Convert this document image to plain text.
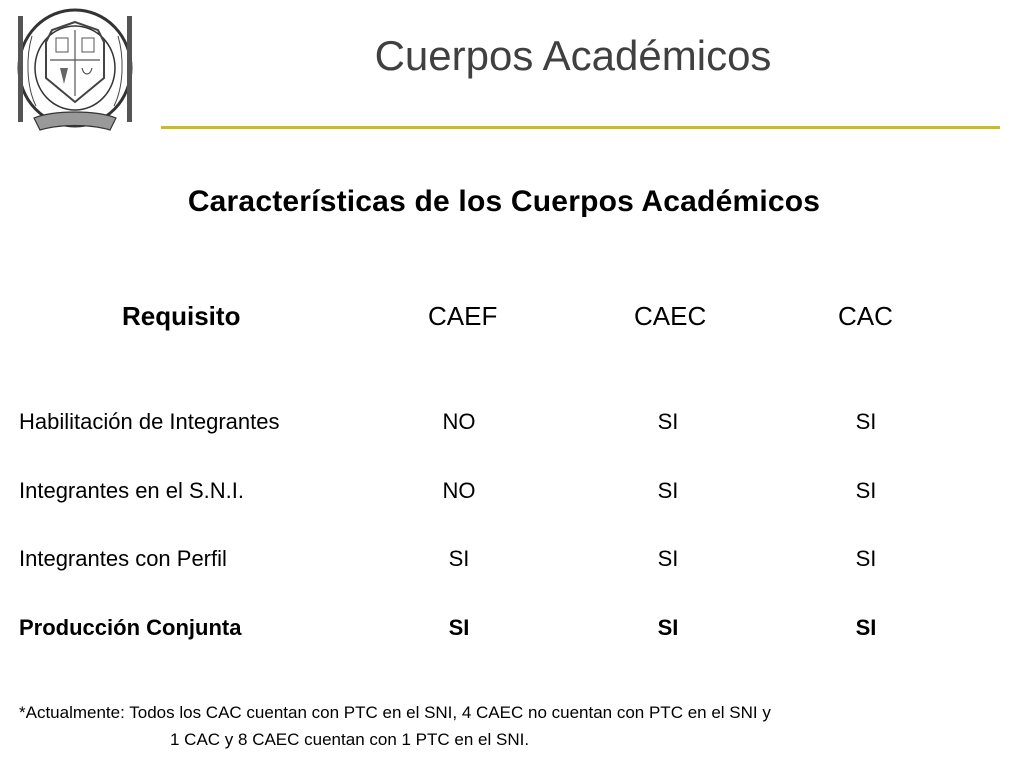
Cuerpos Académicos
Características de los Cuerpos Académicos
Requisito	CAEF	CAEC	CAC
Habilitación de Integrantes	NO	SI	SI
Integrantes en el S.N.I.	NO	SI	SI
Integrantes con Perfil	SI	SI	SI
Producción Conjunta	SI	SI	SI
*Actualmente: Todos los CAC cuentan con PTC en el SNI, 4 CAEC no cuentan con PTC en el SNI y
1 CAC y 8 CAEC cuentan con 1 PTC en el SNI.
